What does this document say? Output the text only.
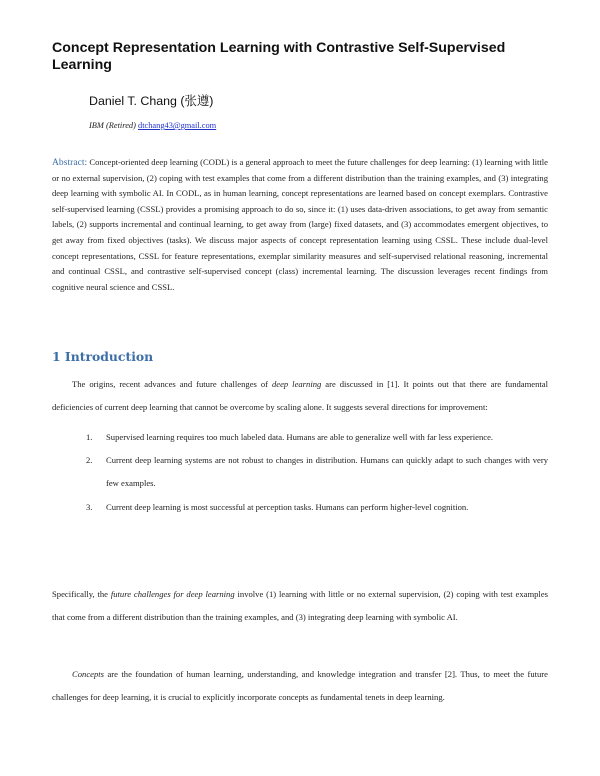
Concept Representation Learning with Contrastive Self-Supervised Learning
Daniel T. Chang (张遵)
IBM (Retired) dtchang43@gmail.com
Abstract: Concept-oriented deep learning (CODL) is a general approach to meet the future challenges for deep learning: (1) learning with little or no external supervision, (2) coping with test examples that come from a different distribution than the training examples, and (3) integrating deep learning with symbolic AI. In CODL, as in human learning, concept representations are learned based on concept exemplars. Contrastive self-supervised learning (CSSL) provides a promising approach to do so, since it: (1) uses data-driven associations, to get away from semantic labels, (2) supports incremental and continual learning, to get away from (large) fixed datasets, and (3) accommodates emergent objectives, to get away from fixed objectives (tasks). We discuss major aspects of concept representation learning using CSSL. These include dual-level concept representations, CSSL for feature representations, exemplar similarity measures and self-supervised relational reasoning, incremental and continual CSSL, and contrastive self-supervised concept (class) incremental learning. The discussion leverages recent findings from cognitive neural science and CSSL.
1 Introduction
The origins, recent advances and future challenges of deep learning are discussed in [1]. It points out that there are fundamental deficiencies of current deep learning that cannot be overcome by scaling alone. It suggests several directions for improvement:
1. Supervised learning requires too much labeled data. Humans are able to generalize well with far less experience.
2. Current deep learning systems are not robust to changes in distribution. Humans can quickly adapt to such changes with very few examples.
3. Current deep learning is most successful at perception tasks. Humans can perform higher-level cognition.
Specifically, the future challenges for deep learning involve (1) learning with little or no external supervision, (2) coping with test examples that come from a different distribution than the training examples, and (3) integrating deep learning with symbolic AI.
Concepts are the foundation of human learning, understanding, and knowledge integration and transfer [2]. Thus, to meet the future challenges for deep learning, it is crucial to explicitly incorporate concepts as fundamental tenets in deep learning.
